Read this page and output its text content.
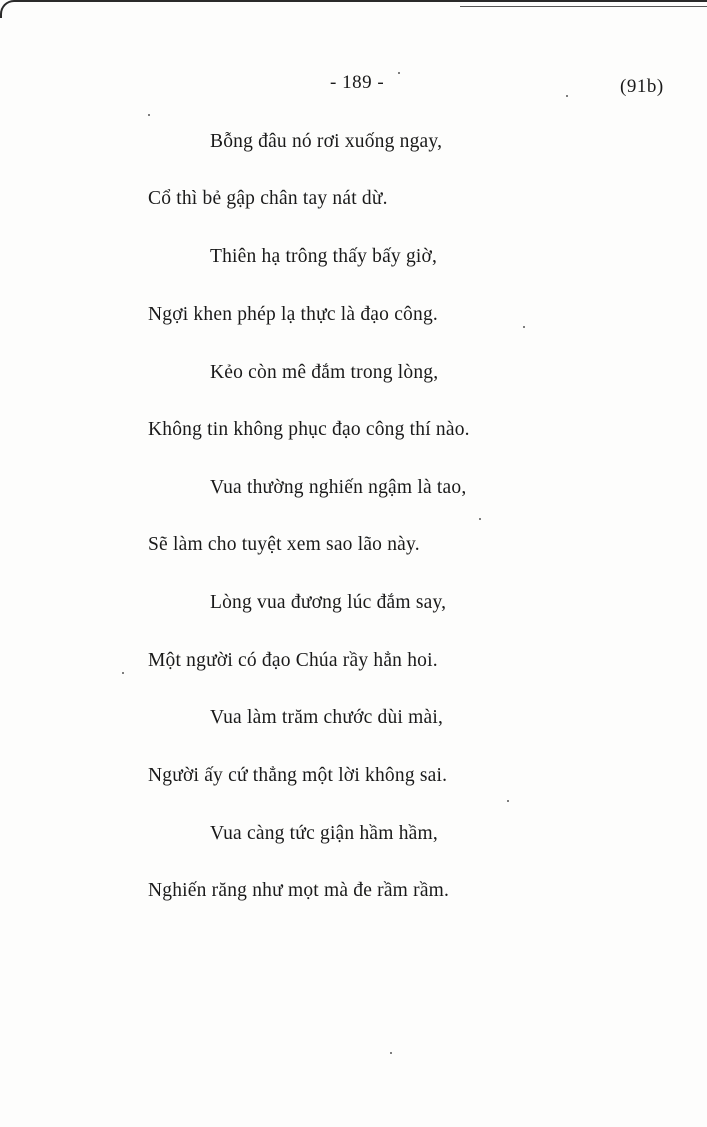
- 189 -	(91b)
Bỗng đâu nó rơi xuống ngay,
Cổ thì bẻ gập chân tay nát dừ.
Thiên hạ trông thấy bấy giờ,
Ngợi khen phép lạ thực là đạo công.
Kẻo còn mê đắm trong lòng,
Không tin không phục đạo công thí nào.
Vua thường nghiến ngậm là tao,
Sẽ làm cho tuyệt xem sao lão này.
Lòng vua đương lúc đắm say,
Một người có đạo Chúa rầy hẳn hoi.
Vua làm trăm chước dùi mài,
Người ấy cứ thẳng một lời không sai.
Vua càng tức giận hầm hầm,
Nghiến răng như mọt mà đe rầm rầm.
